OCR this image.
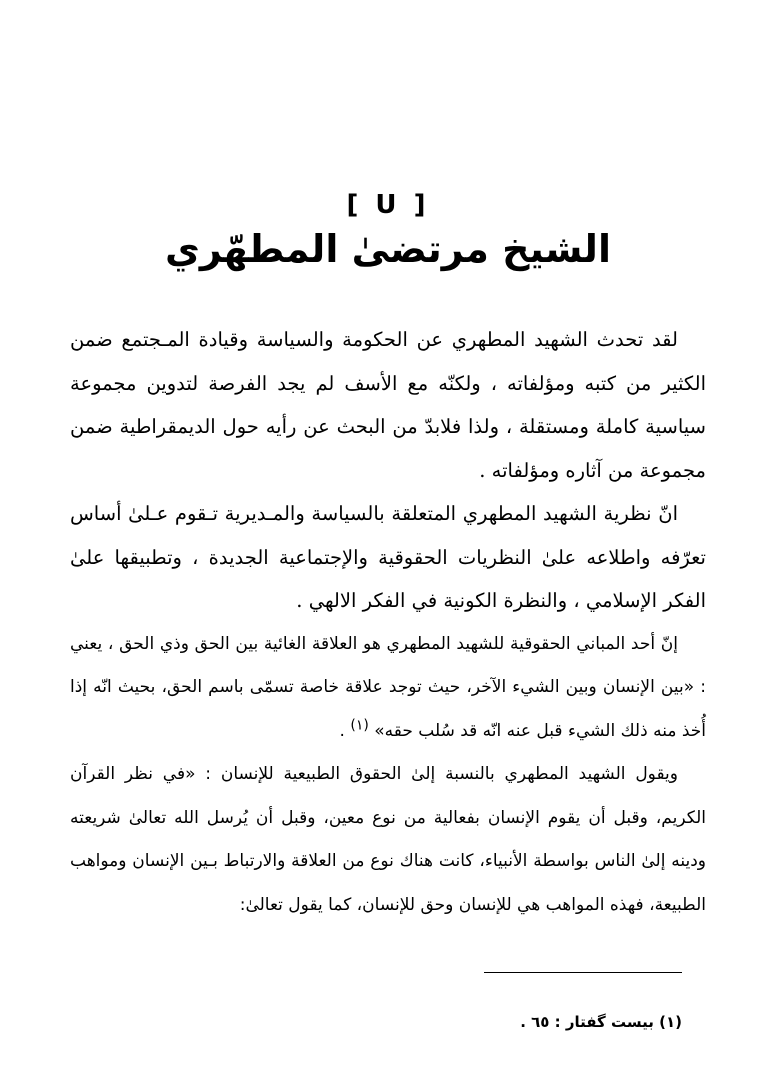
[ U ]
الشيخ مرتضىٰ المطهّري

لقد تحدث الشهيد المطهري عن الحكومة والسياسة وقيادة المـجتمع ضمن الكثير من كتبه ومؤلفاته ، ولكنّه مع الأسف لم يجد الفرصة لتدوين مجموعة سياسية كاملة ومستقلة ، ولذا فلابدّ من البحث عن رأيه حول الديمقراطية ضمن مجموعة من آثاره ومؤلفاته .

انّ نظرية الشهيد المطهري المتعلقة بالسياسة والمـديرية تـقوم عـلىٰ أساس تعرّفه واطلاعه علىٰ النظريات الحقوقية والإجتماعية الجديدة ، وتطبيقها علىٰ الفكر الإسلامي ، والنظرة الكونية في الفكر الالهي .

إنّ أحد المباني الحقوقية للشهيد المطهري هو العلاقة الغائية بين الحق وذي الحق ، يعني : «بين الإنسان وبين الشيء الآخر، حيث توجد علاقة خاصة تسمّى باسم الحق، بحيث انّه إذا أُخذ منه ذلك الشيء قبل عنه انّه قد سُلب حقه» $^{(١)}$ .

ويقول الشهيد المطهري بالنسبة إلىٰ الحقوق الطبيعية للإنسان : «في نظر القرآن الكريم، وقبل أن يقوم الإنسان بفعالية من نوع معين، وقبل أن يُرسل الله تعالىٰ شريعته ودينه إلىٰ الناس بواسطة الأنبياء، كانت هناك نوع من العلاقة والارتباط بـين الإنسان ومواهب الطبيعة، فهذه المواهب هي للإنسان وحق للإنسان، كما يقول تعالىٰ:

(١) بيست گفتار : ٦٥ .
